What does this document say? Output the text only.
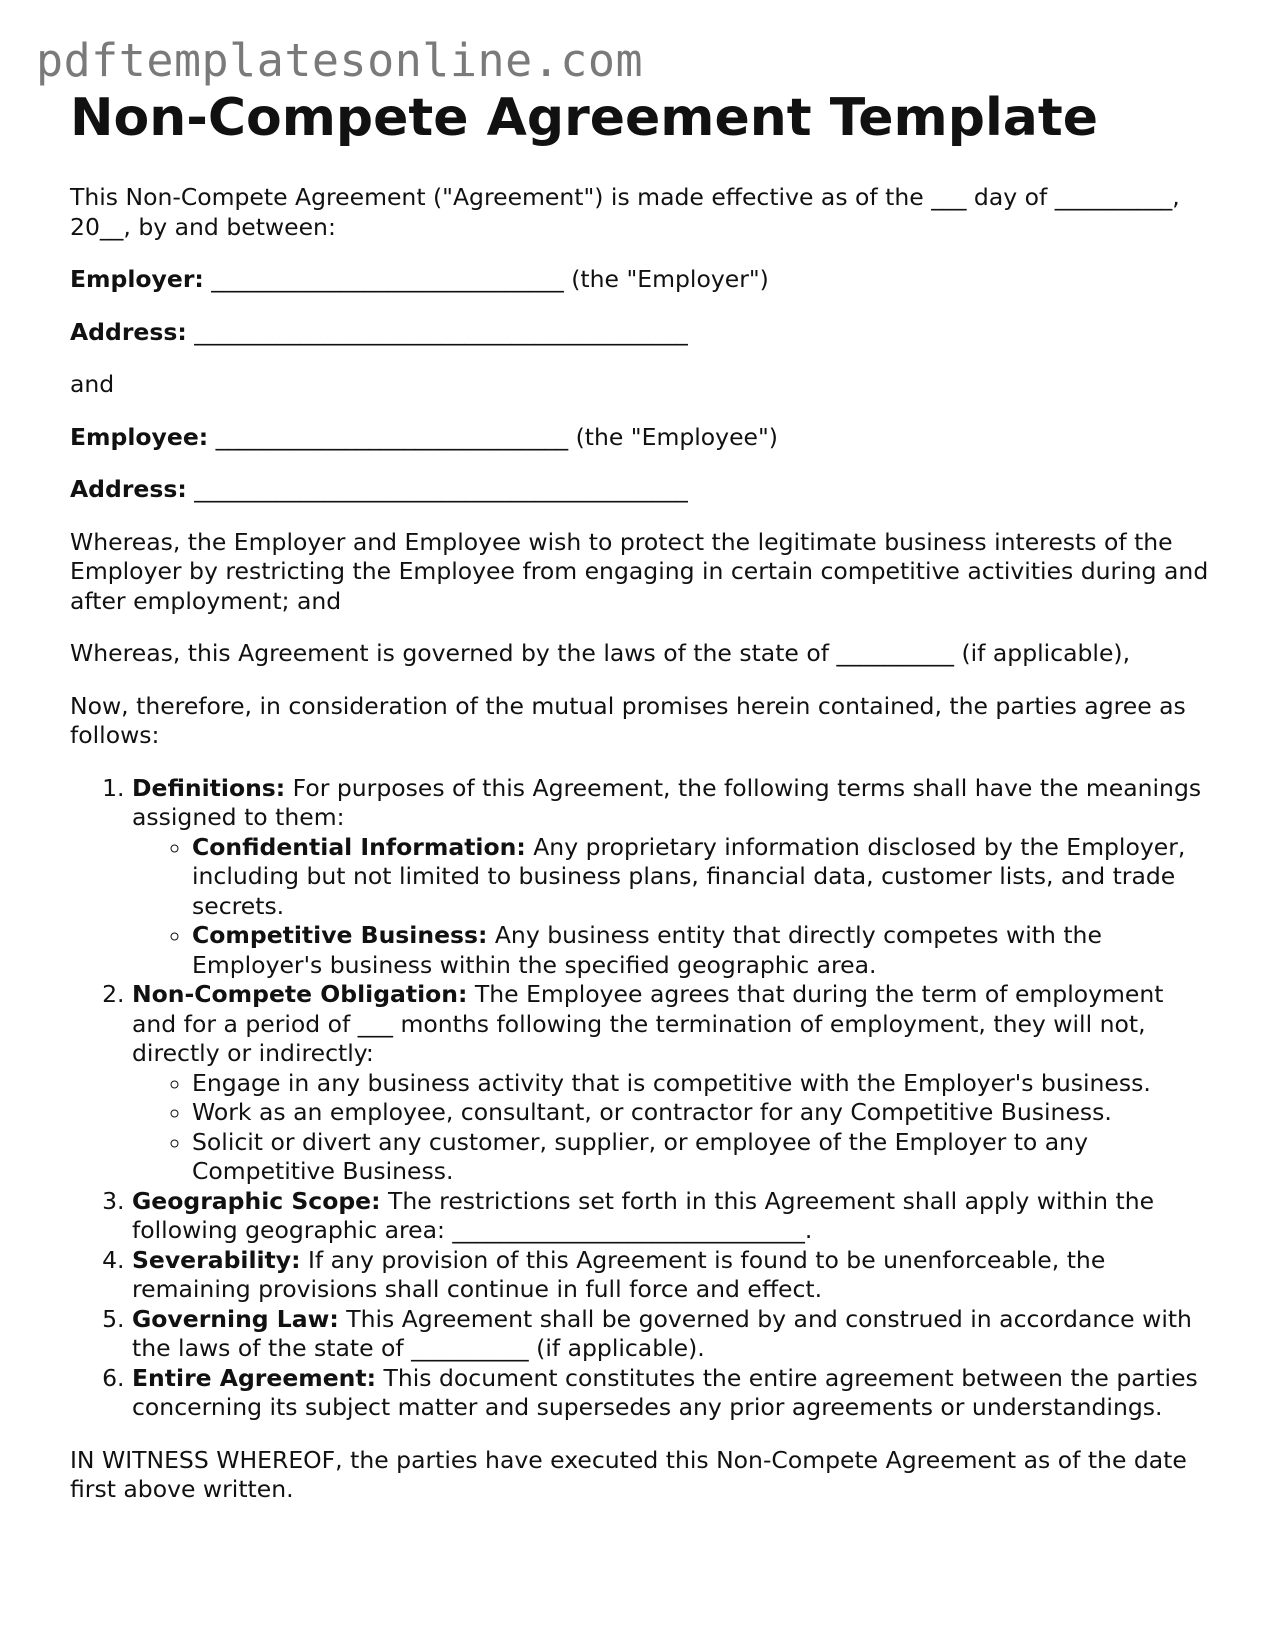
pdftemplatesonline.com
Non-Compete Agreement Template

This Non-Compete Agreement ("Agreement") is made effective as of the ___ day of __________, 20__, by and between:

Employer: ______________________________ (the "Employer")
Address: __________________________________________

and

Employee: ______________________________ (the "Employee")
Address: __________________________________________

Whereas, the Employer and Employee wish to protect the legitimate business interests of the Employer by restricting the Employee from engaging in certain competitive activities during and after employment; and

Whereas, this Agreement is governed by the laws of the state of __________ (if applicable),

Now, therefore, in consideration of the mutual promises herein contained, the parties agree as follows:

1. Definitions: For purposes of this Agreement, the following terms shall have the meanings assigned to them:
◦ Confidential Information: Any proprietary information disclosed by the Employer, including but not limited to business plans, financial data, customer lists, and trade secrets.
◦ Competitive Business: Any business entity that directly competes with the Employer's business within the specified geographic area.
2. Non-Compete Obligation: The Employee agrees that during the term of employment and for a period of ___ months following the termination of employment, they will not, directly or indirectly:
◦ Engage in any business activity that is competitive with the Employer's business.
◦ Work as an employee, consultant, or contractor for any Competitive Business.
◦ Solicit or divert any customer, supplier, or employee of the Employer to any Competitive Business.
3. Geographic Scope: The restrictions set forth in this Agreement shall apply within the following geographic area: ______________________________.
4. Severability: If any provision of this Agreement is found to be unenforceable, the remaining provisions shall continue in full force and effect.
5. Governing Law: This Agreement shall be governed by and construed in accordance with the laws of the state of __________ (if applicable).
6. Entire Agreement: This document constitutes the entire agreement between the parties concerning its subject matter and supersedes any prior agreements or understandings.

IN WITNESS WHEREOF, the parties have executed this Non-Compete Agreement as of the date first above written.
